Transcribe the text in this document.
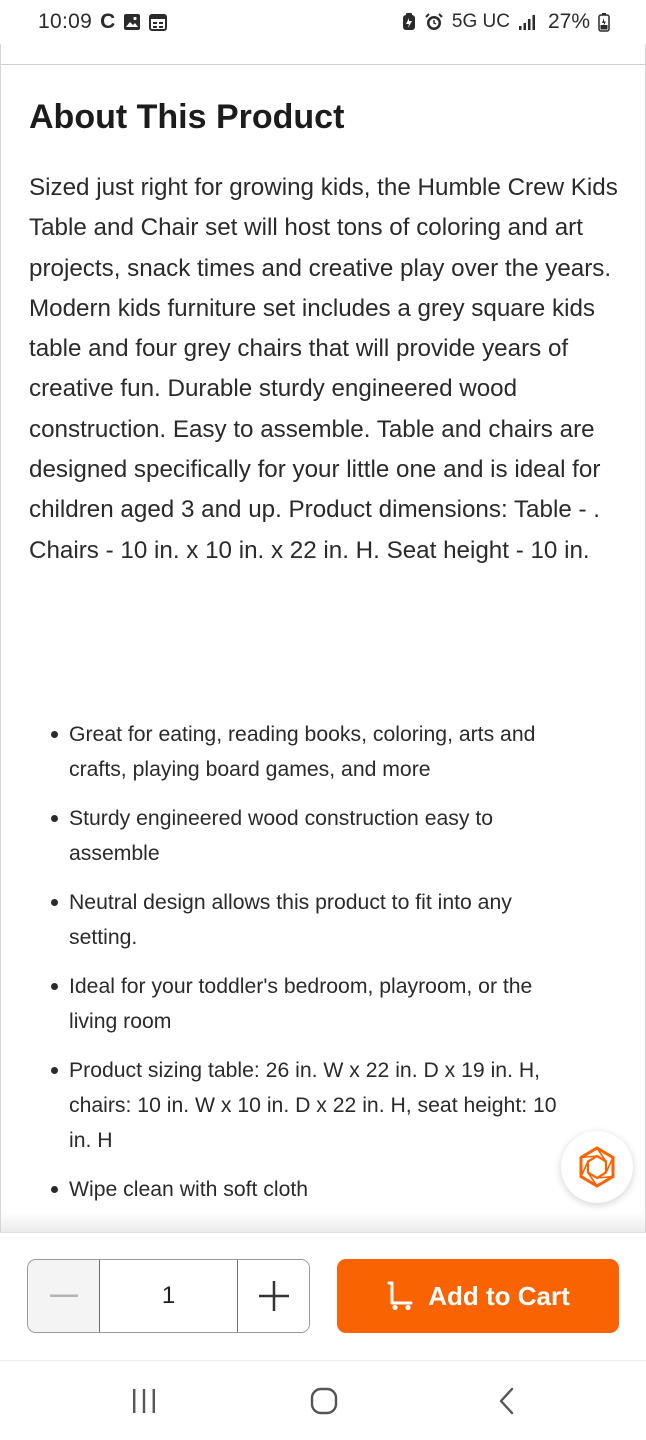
10:09 C	5G UC 27%
About This Product

Sized just right for growing kids, the Humble Crew Kids Table and Chair set will host tons of coloring and art projects, snack times and creative play over the years. Modern kids furniture set includes a grey square kids table and four grey chairs that will provide years of creative fun. Durable sturdy engineered wood construction. Easy to assemble. Table and chairs are designed specifically for your little one and is ideal for children aged 3 and up. Product dimensions: Table - . Chairs - 10 in. x 10 in. x 22 in. H. Seat height - 10 in.

Great for eating, reading books, coloring, arts and crafts, playing board games, and more
Sturdy engineered wood construction easy to assemble
Neutral design allows this product to fit into any setting.
Ideal for your toddler's bedroom, playroom, or the living room
Product sizing table: 26 in. W x 22 in. D x 19 in. H, chairs: 10 in. W x 10 in. D x 22 in. H, seat height: 10 in. H
Wipe clean with soft cloth
1
Add to Cart
